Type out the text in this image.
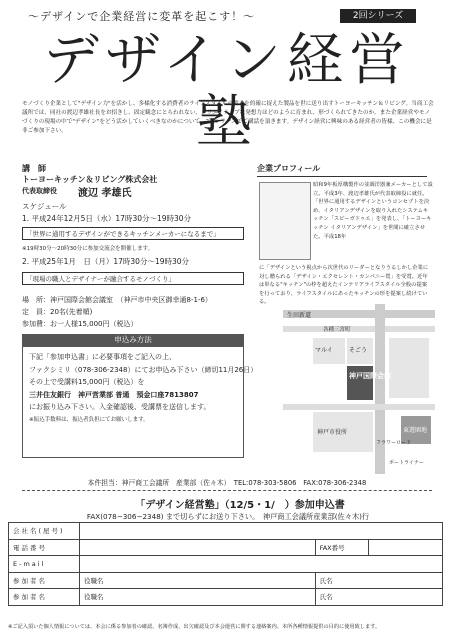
～デザインで企業経営に変革を起こす！～	2回シリーズ
デザイン経営塾
モノづくり企業として"デザイン力"を活かし、多様化する消費者のライフスタイルの要求を的確に捉えた製品を世に送り出すトーヨーキッチン＆リビング。当商工会議所では、同社の渡辺孝雄社長をお招きし、固定観念にとらわれない、クリエイティブな発想力はどのように育まれ、形づくられてきたのか。また企業経営やモノづくりの現場の中で"デザイン"をどう活かしていくべきなのかについて、2回シリーズでご講話を頂きます。デザイン経営に興味のある経営者の皆様、この機会に是非ご参加下さい。
講　師
トーヨーキッチン＆リビング株式会社
代表取締役 渡辺 孝雄氏
スケジュール
1. 平成24年12月5日（水）17時30分～19時30分
「世界に通用するデザインができるキッチンメーカーになるまで」
※19時30分～20時30分に参加交流会を開催します。
2. 平成25年1月　日（月）17時30分～19時30分
「現場の職人とデザイナーが融合するモノづくり」
場　所：神戸国際会館会議室　（神戸市中央区御幸通8-1-6）
定　員：20名(先着順)
参加費：お一人様15,000円（税込）
申込み方法
下記「参加申込書」に必要事項をご記入の上、
ファクシミリ（078-306-2348）にてお申込み下さい（締切11月26日）
その上で受講料15,000円（税込）を
三井住友銀行　神戸営業部 普通　預金口座7813807
にお振り込み下さい。入金確認後、受講票を送信します。
※振込手数料は、振込者負担にてお願いします。
企業プロフィール
昭和9年板厚構製作の並調洋器兼メーカーとして設立。平成3年、渡辺孝雄氏が代表取締役に就任。「世界に通用するデザインというコンセプトを決め、イタリアンデザインを取り入れたシステムキッチン「スピーガドゥエ」を発表し、「トーヨーキッチン イタリアンデザイン」を世間に確立させた。平成18年
に「デザインという視点から次世代のリーダーとなりうるしかし企業に対し贈られる「デザイン・エクセレント・カンパニー賞」を受賞。近年は単なる"キッチン"の枠を超えたインテリアライフスタイル全般の提案を行っており、ライフスタイルにあったキッチンの形を提案し続けている。
生田新道
各種三宮町
マルイ	そごう
神戸国際会館
フラワーロード
神戸市役所
ポートライナー
東遊園地
本件担当：神戸商工会議所　産業部（佐々木）　TEL:078-303-5806　FAX:078-306-2348
「デザイン経営塾」（12/5・1/　）参加申込書
FAX(078−306−2348) まで切らずにお送り下さい。　神戸商工会議所産業部(佐々木)行
会社名(屋号)			
電話番号		FAX番号	
E-mail			
参加者名	役職名	氏名	
参加者名	役職名	氏名	
※ご記入頂いた個人情報については、本会に係る参加者の確認、名簿作成、出欠確認及び本会運営に関する連絡案内、本所各種情報提供の目的に使用致します。
